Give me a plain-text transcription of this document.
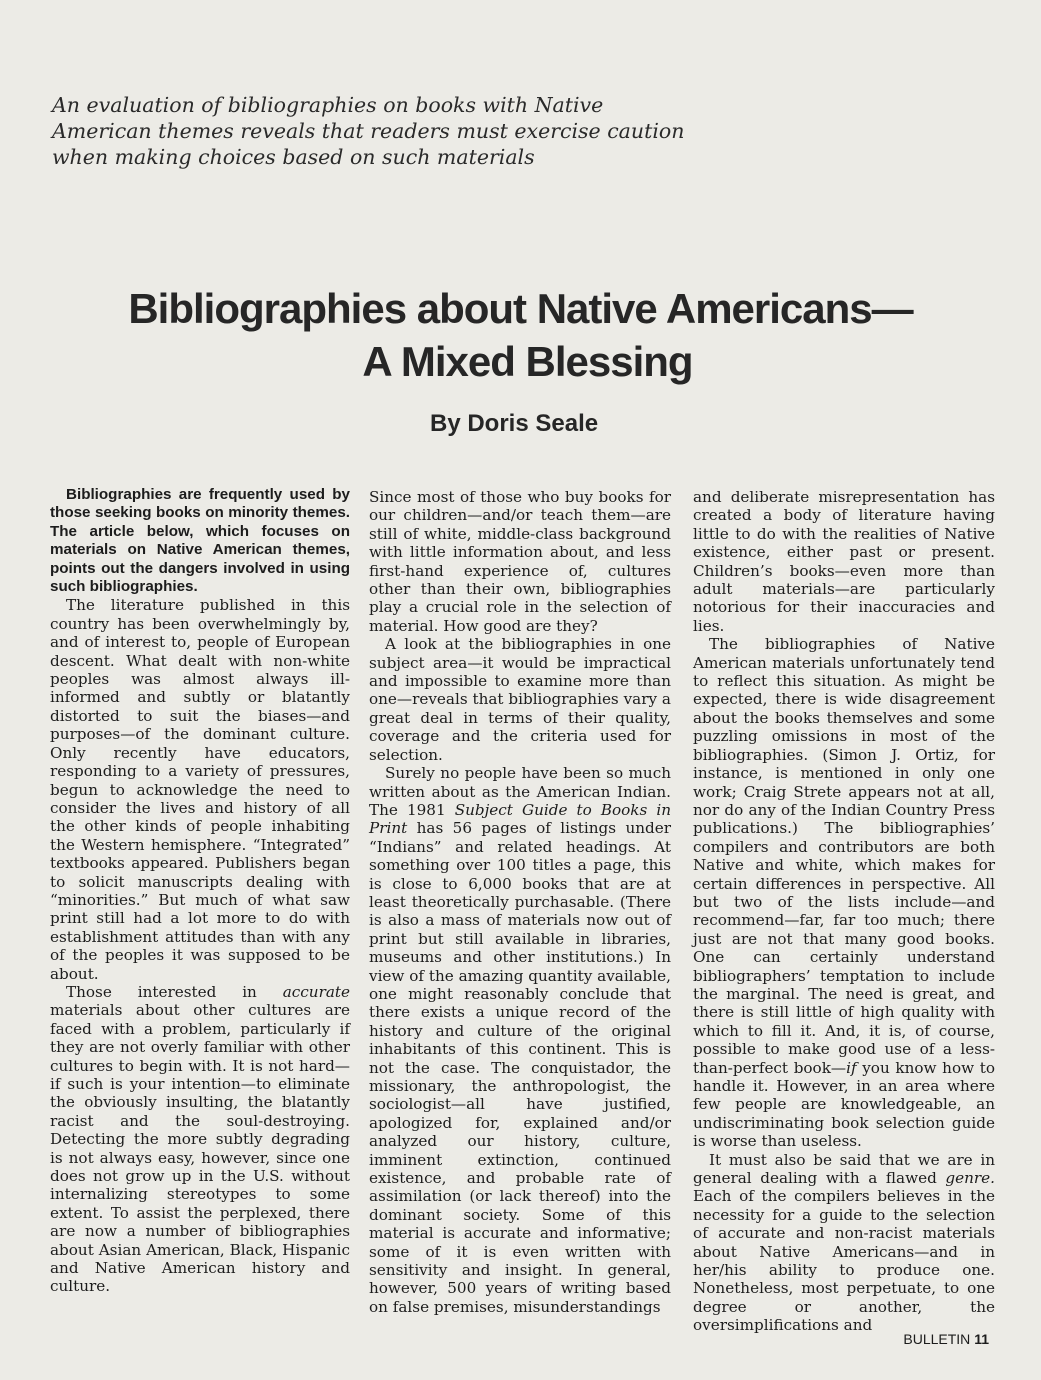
An evaluation of bibliographies on books with Native
American themes reveals that readers must exercise caution
when making choices based on such materials
Bibliographies about Native Americans—
A Mixed Blessing
By Doris Seale

Bibliographies are frequently used by those seeking books on minority themes. The article below, which focuses on materials on Native American themes, points out the dangers involved in using such bibliographies.

The literature published in this country has been overwhelmingly by, and of interest to, people of European descent. What dealt with non-white peoples was almost always ill-informed and subtly or blatantly distorted to suit the biases—and purposes—of the dominant culture. Only recently have educators, responding to a variety of pressures, begun to acknowledge the need to consider the lives and history of all the other kinds of people inhabiting the Western hemisphere. “Integrated” textbooks appeared. Publishers began to solicit manuscripts dealing with “minorities.” But much of what saw print still had a lot more to do with establishment attitudes than with any of the peoples it was supposed to be about.

Those interested in accurate materials about other cultures are faced with a problem, particularly if they are not overly familiar with other cultures to begin with. It is not hard—if such is your intention—to eliminate the obviously insulting, the blatantly racist and the soul-destroying. Detecting the more subtly degrading is not always easy, however, since one does not grow up in the U.S. without internalizing stereotypes to some extent. To assist the perplexed, there are now a number of bibliographies about Asian American, Black, Hispanic and Native American history and culture.

Since most of those who buy books for our children—and/or teach them—are still of white, middle-class background with little information about, and less first-hand experience of, cultures other than their own, bibliographies play a crucial role in the selection of material. How good are they?

A look at the bibliographies in one subject area—it would be impractical and impossible to examine more than one—reveals that bibliographies vary a great deal in terms of their quality, coverage and the criteria used for selection.

Surely no people have been so much written about as the American Indian. The 1981 Subject Guide to Books in Print has 56 pages of listings under “Indians” and related headings. At something over 100 titles a page, this is close to 6,000 books that are at least theoretically purchasable. (There is also a mass of materials now out of print but still available in libraries, museums and other institutions.) In view of the amazing quantity available, one might reasonably conclude that there exists a unique record of the history and culture of the original inhabitants of this continent. This is not the case. The conquistador, the missionary, the anthropologist, the sociologist—all have justified, apologized for, explained and/or analyzed our history, culture, imminent extinction, continued existence, and probable rate of assimilation (or lack thereof) into the dominant society. Some of this material is accurate and informative; some of it is even written with sensitivity and insight. In general, however, 500 years of writing based on false premises, misunderstandings

and deliberate misrepresentation has created a body of literature having little to do with the realities of Native existence, either past or present. Children’s books—even more than adult materials—are particularly notorious for their inaccuracies and lies.

The bibliographies of Native American materials unfortunately tend to reflect this situation. As might be expected, there is wide disagreement about the books themselves and some puzzling omissions in most of the bibliographies. (Simon J. Ortiz, for instance, is mentioned in only one work; Craig Strete appears not at all, nor do any of the Indian Country Press publications.) The bibliographies’ compilers and contributors are both Native and white, which makes for certain differences in perspective. All but two of the lists include—and recommend—far, far too much; there just are not that many good books. One can certainly understand bibliographers’ temptation to include the marginal. The need is great, and there is still little of high quality with which to fill it. And, it is, of course, possible to make good use of a less-than-perfect book—if you know how to handle it. However, in an area where few people are knowledgeable, an undiscriminating book selection guide is worse than useless.

It must also be said that we are in general dealing with a flawed genre. Each of the compilers believes in the necessity for a guide to the selection of accurate and non-racist materials about Native Americans—and in her/his ability to produce one. Nonetheless, most perpetuate, to one degree or another, the oversimplifications and

BULLETIN 11
